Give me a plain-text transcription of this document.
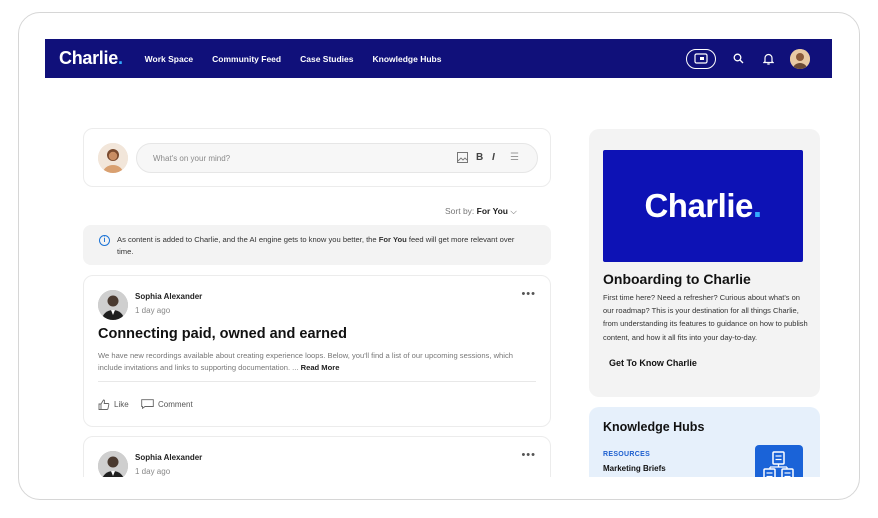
Charlie.	Work Space Community Feed Case Studies Knowledge Hubs
What's on your mind?	B I ☰
Sort by: For You ⌵
i	As content is added to Charlie, and the AI engine gets to know you better, the For You feed will get more relevant over time.
Sophia Alexander
1 day ago
•••
Connecting paid, owned and earned
We have new recordings available about creating experience loops. Below, you'll find a list of our upcoming sessions, which include invitations and links to supporting documentation. ... Read More
Like	Comment
Sophia Alexander
1 day ago
•••
Charlie.
Onboarding to Charlie
First time here? Need a refresher? Curious about what's on our roadmap? This is your destination for all things Charlie, from understanding its features to guidance on how to publish content, and how it all fits into your day-to-day.
Get To Know Charlie
Knowledge Hubs
RESOURCES
Marketing Briefs
